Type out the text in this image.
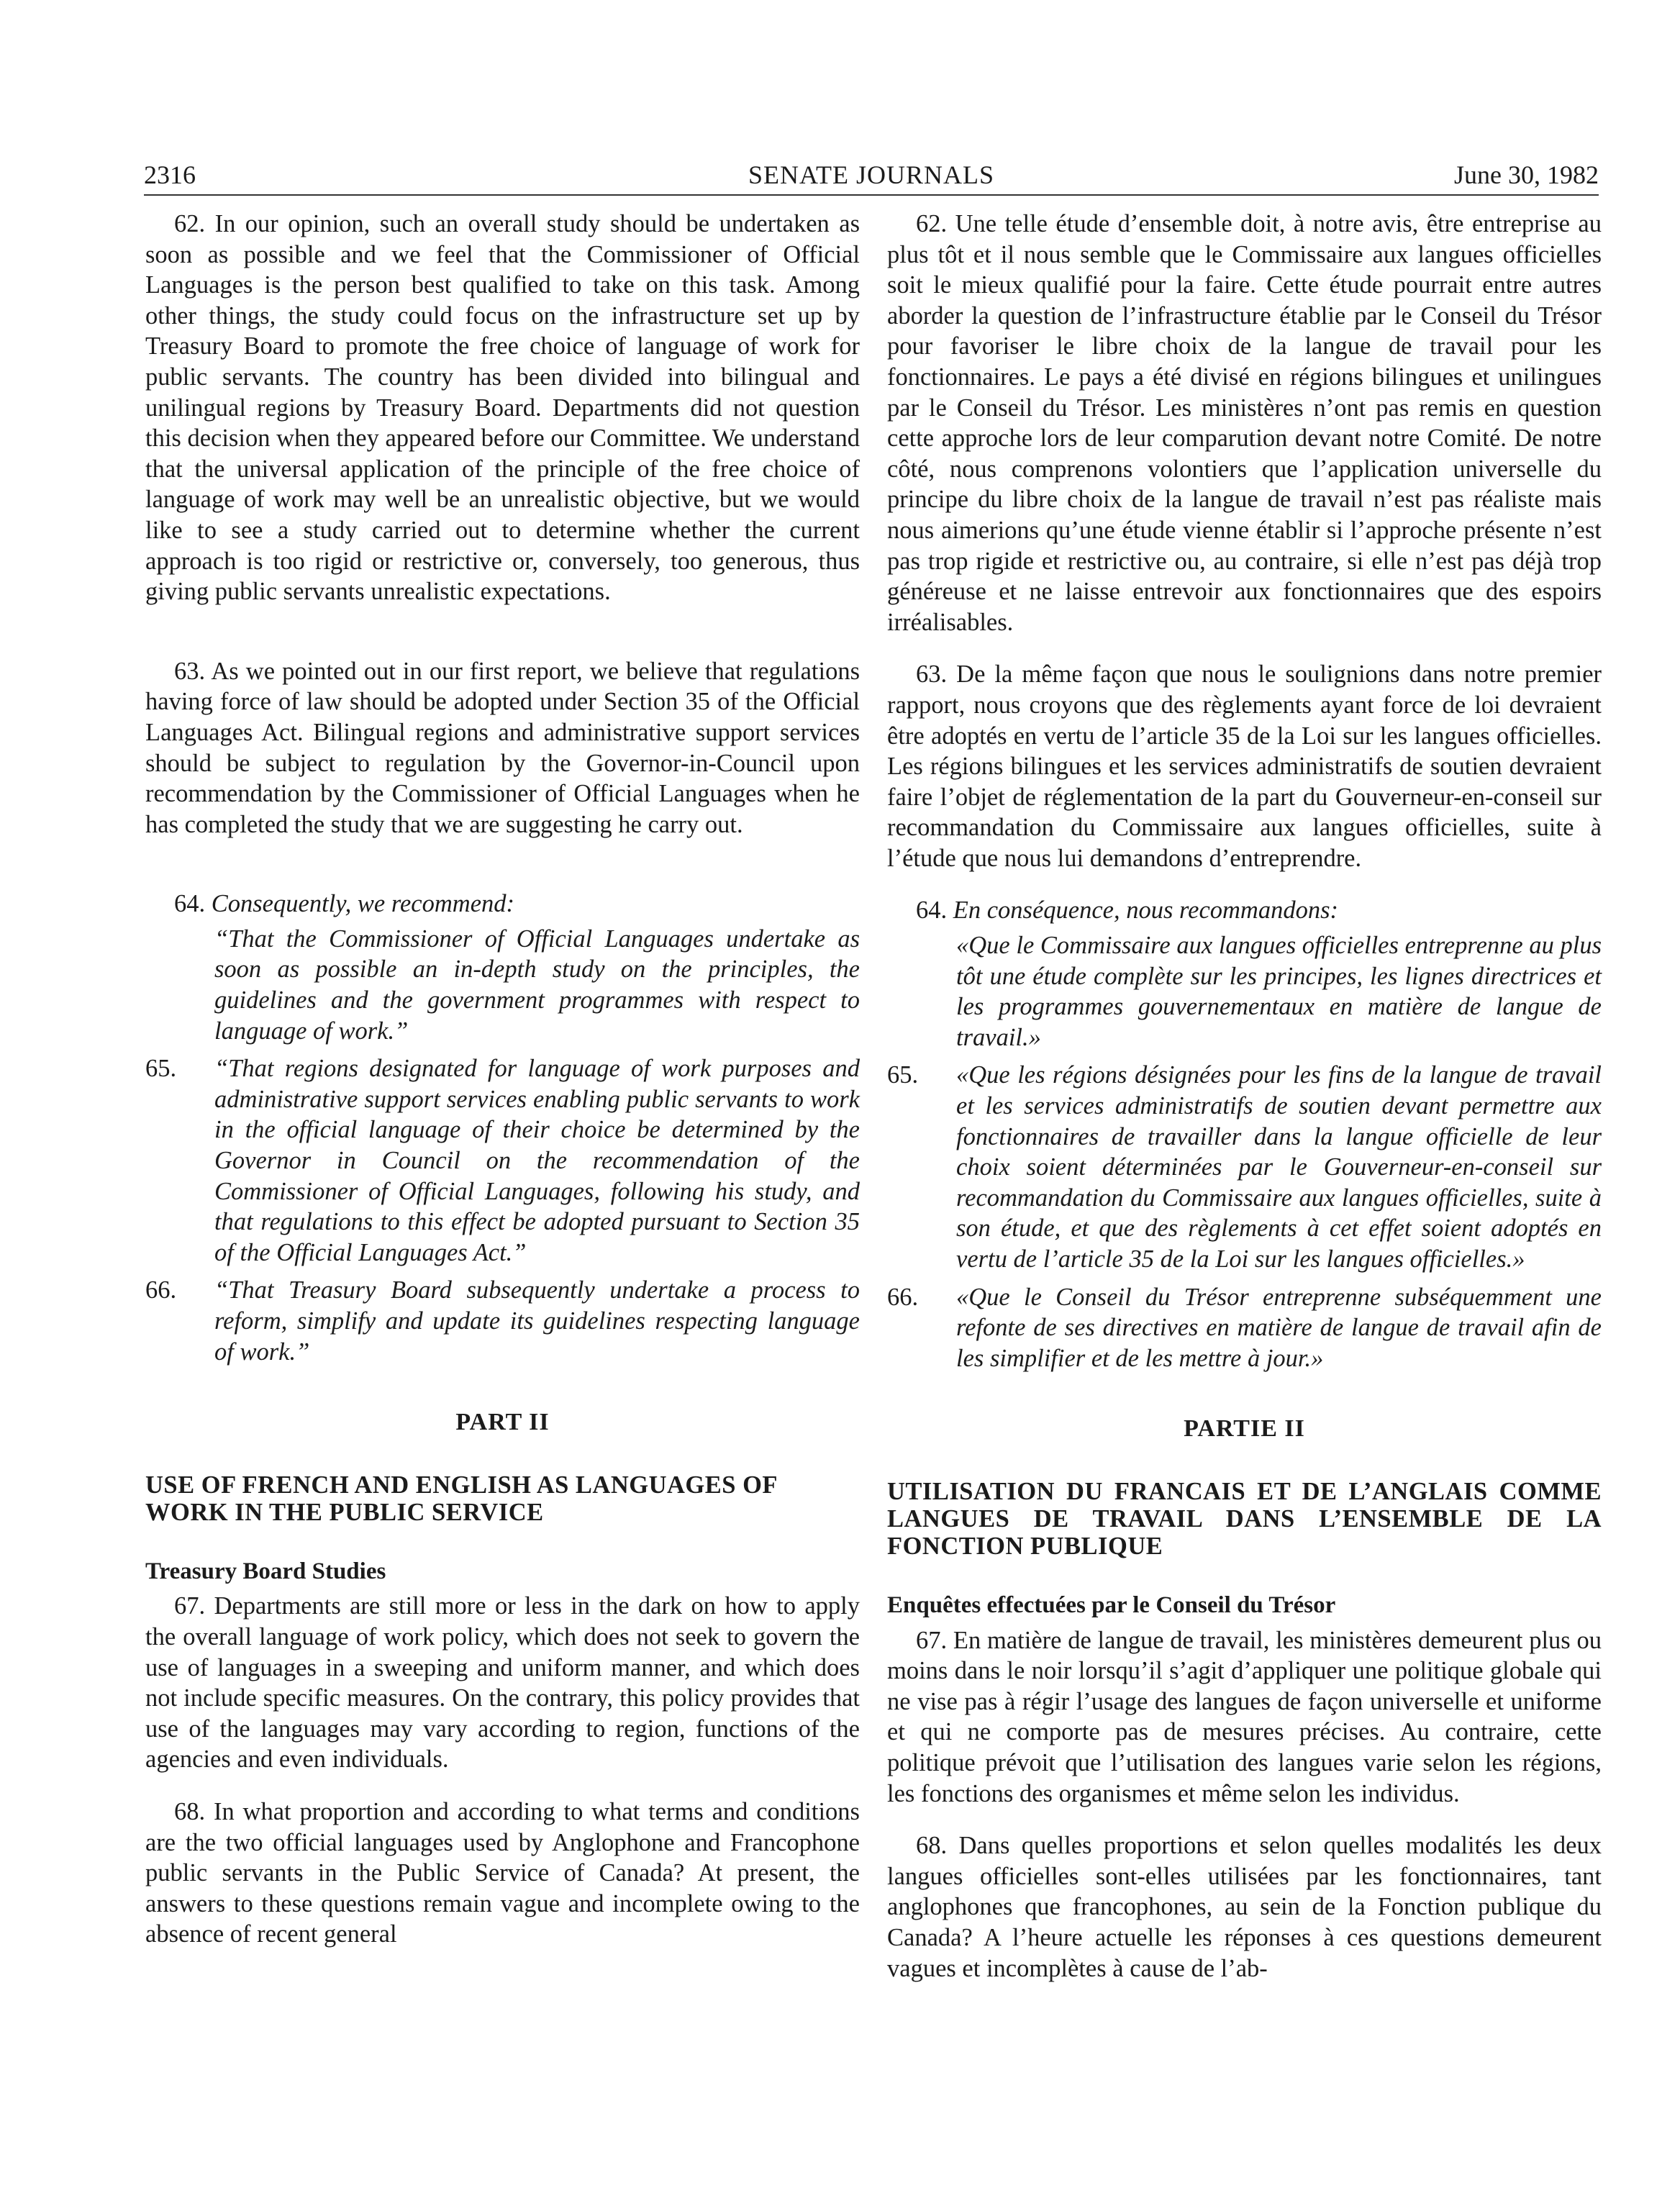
2316	SENATE JOURNALS	June 30, 1982

62. In our opinion, such an overall study should be undertaken as soon as possible and we feel that the Commissioner of Official Languages is the person best qualified to take on this task. Among other things, the study could focus on the infrastructure set up by Treasury Board to promote the free choice of language of work for public servants. The country has been divided into bilingual and unilingual regions by Treasury Board. Departments did not question this decision when they appeared before our Committee. We understand that the universal application of the principle of the free choice of language of work may well be an unrealistic objective, but we would like to see a study carried out to determine whether the current approach is too rigid or restrictive or, conversely, too generous, thus giving public servants unrealistic expectations.

63. As we pointed out in our first report, we believe that regulations having force of law should be adopted under Section 35 of the Official Languages Act. Bilingual regions and administrative support services should be subject to regulation by the Governor-in-Council upon recommendation by the Commissioner of Official Languages when he has completed the study that we are suggesting he carry out.

64. Consequently, we recommend:

“That the Commissioner of Official Languages undertake as soon as possible an in-depth study on the principles, the guidelines and the government programmes with respect to language of work.”

65.	“That regions designated for language of work purposes and administrative support services enabling public servants to work in the official language of their choice be determined by the Governor in Council on the recommendation of the Commissioner of Official Languages, following his study, and that regulations to this effect be adopted pursuant to Section 35 of the Official Languages Act.”
66.	“That Treasury Board subsequently undertake a process to reform, simplify and update its guidelines respecting language of work.”
PART II
USE OF FRENCH AND ENGLISH AS LANGUAGES OF WORK IN THE PUBLIC SERVICE
Treasury Board Studies

67. Departments are still more or less in the dark on how to apply the overall language of work policy, which does not seek to govern the use of languages in a sweeping and uniform manner, and which does not include specific measures. On the contrary, this policy provides that use of the languages may vary according to region, functions of the agencies and even individuals.

68. In what proportion and according to what terms and conditions are the two official languages used by Anglophone and Francophone public servants in the Public Service of Canada? At present, the answers to these questions remain vague and incomplete owing to the absence of recent general

62. Une telle étude d’ensemble doit, à notre avis, être entreprise au plus tôt et il nous semble que le Commissaire aux langues officielles soit le mieux qualifié pour la faire. Cette étude pourrait entre autres aborder la question de l’infrastructure établie par le Conseil du Trésor pour favoriser le libre choix de la langue de travail pour les fonctionnaires. Le pays a été divisé en régions bilingues et unilingues par le Conseil du Trésor. Les ministères n’ont pas remis en question cette approche lors de leur comparution devant notre Comité. De notre côté, nous comprenons volontiers que l’application universelle du principe du libre choix de la langue de travail n’est pas réaliste mais nous aimerions qu’une étude vienne établir si l’approche présente n’est pas trop rigide et restrictive ou, au contraire, si elle n’est pas déjà trop généreuse et ne laisse entrevoir aux fonctionnaires que des espoirs irréalisables.

63. De la même façon que nous le soulignions dans notre premier rapport, nous croyons que des règlements ayant force de loi devraient être adoptés en vertu de l’article 35 de la Loi sur les langues officielles. Les régions bilingues et les services administratifs de soutien devraient faire l’objet de réglementation de la part du Gouverneur-en-conseil sur recommandation du Commissaire aux langues officielles, suite à l’étude que nous lui demandons d’entreprendre.

64. En conséquence, nous recommandons:

«Que le Commissaire aux langues officielles entreprenne au plus tôt une étude complète sur les principes, les lignes directrices et les programmes gouvernementaux en matière de langue de travail.»

65.	«Que les régions désignées pour les fins de la langue de travail et les services administratifs de soutien devant permettre aux fonctionnaires de travailler dans la langue officielle de leur choix soient déterminées par le Gouverneur-en-conseil sur recommandation du Commissaire aux langues officielles, suite à son étude, et que des règlements à cet effet soient adoptés en vertu de l’article 35 de la Loi sur les langues officielles.»
66.	«Que le Conseil du Trésor entreprenne subséquemment une refonte de ses directives en matière de langue de travail afin de les simplifier et de les mettre à jour.»
PARTIE II
UTILISATION DU FRANCAIS ET DE L’ANGLAIS COMME LANGUES DE TRAVAIL DANS L’ENSEMBLE DE LA FONCTION PUBLIQUE
Enquêtes effectuées par le Conseil du Trésor

67. En matière de langue de travail, les ministères demeurent plus ou moins dans le noir lorsqu’il s’agit d’appliquer une politique globale qui ne vise pas à régir l’usage des langues de façon universelle et uniforme et qui ne comporte pas de mesures précises. Au contraire, cette politique prévoit que l’utilisation des langues varie selon les régions, les fonctions des organismes et même selon les individus.

68. Dans quelles proportions et selon quelles modalités les deux langues officielles sont-elles utilisées par les fonctionnaires, tant anglophones que francophones, au sein de la Fonction publique du Canada? A l’heure actuelle les réponses à ces questions demeurent vagues et incomplètes à cause de l’ab-
